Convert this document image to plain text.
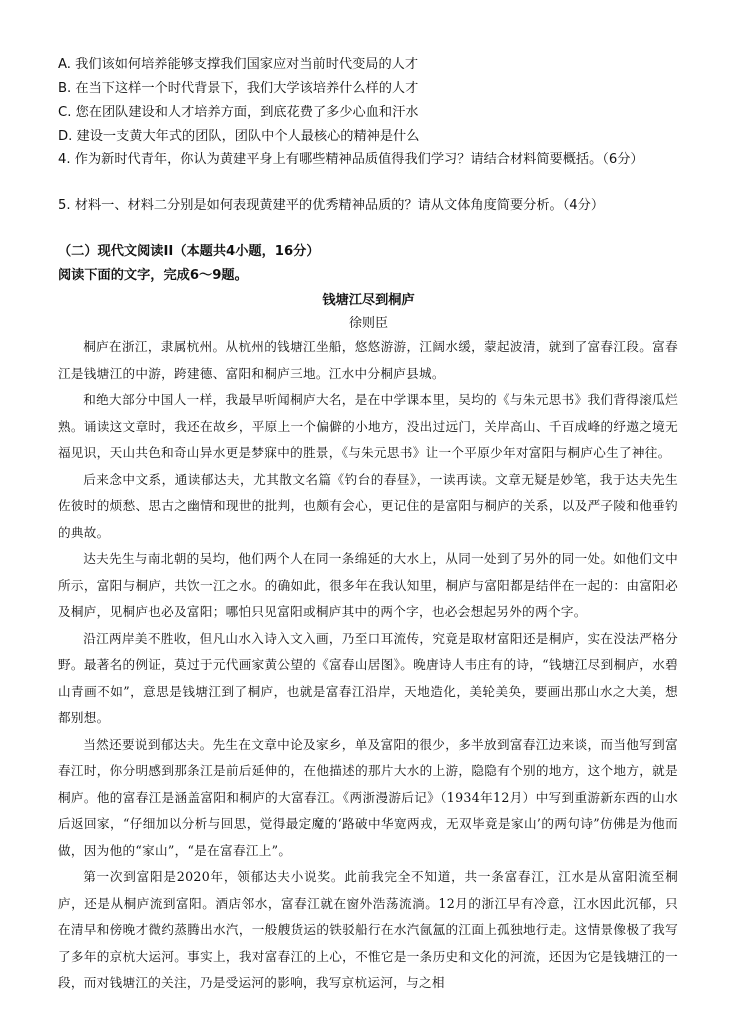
A. 我们该如何培养能够支撑我们国家应对当前时代变局的人才
B. 在当下这样一个时代背景下，我们大学该培养什么样的人才
C. 您在团队建设和人才培养方面，到底花费了多少心血和汗水
D. 建设一支黄大年式的团队，团队中个人最核心的精神是什么
4. 作为新时代青年，你认为黄建平身上有哪些精神品质值得我们学习？请结合材料简要概括。（6分）
5. 材料一、材料二分别是如何表现黄建平的优秀精神品质的？请从文体角度简要分析。（4分）
（二）现代文阅读II（本题共4小题，16分）
阅读下面的文字，完成6～9题。
钱塘江尽到桐庐
徐则臣

桐庐在浙江，隶属杭州。从杭州的钱塘江坐船，悠悠游游，江阔水缓，蒙起波清，就到了富春江段。富春江是钱塘江的中游，跨建德、富阳和桐庐三地。江水中分桐庐县城。

和绝大部分中国人一样，我最早听闻桐庐大名，是在中学课本里，吴均的《与朱元思书》我们背得滚瓜烂熟。诵读这文章时，我还在故乡，平原上一个偏僻的小地方，没出过远门，关岸高山、千百成峰的纾遨之境无福见识，天山共色和奇山异水更是梦寐中的胜景，《与朱元思书》让一个平原少年对富阳与桐庐心生了神往。

后来念中文系，通读郁达夫，尤其散文名篇《钓台的春昼》，一读再读。文章无疑是妙笔，我于达夫先生佐彼时的烦愁、思古之幽情和现世的批判，也颇有会心，更记住的是富阳与桐庐的关系，以及严子陵和他垂钓的典故。

达夫先生与南北朝的吴均，他们两个人在同一条绵延的大水上，从同一处到了另外的同一处。如他们文中所示，富阳与桐庐，共饮一江之水。的确如此，很多年在我认知里，桐庐与富阳都是结伴在一起的：由富阳必及桐庐，见桐庐也必及富阳；哪怕只见富阳或桐庐其中的两个字，也必会想起另外的两个字。

沿江两岸美不胜收，但凡山水入诗入文入画，乃至口耳流传，究竟是取材富阳还是桐庐，实在没法严格分野。最著名的例证，莫过于元代画家黄公望的《富春山居图》。晚唐诗人韦庄有的诗，“钱塘江尽到桐庐，水碧山青画不如”，意思是钱塘江到了桐庐，也就是富春江沿岸，天地造化，美轮美奂，要画出那山水之大美，想都别想。

当然还要说到郁达夫。先生在文章中论及家乡，单及富阳的很少，多半放到富春江边来谈，而当他写到富春江时，你分明感到那条江是前后延伸的，在他描述的那片大水的上游，隐隐有个别的地方，这个地方，就是桐庐。他的富春江是涵盖富阳和桐庐的大富春江。《两浙漫游后记》（1934年12月）中写到重游新东西的山水后返回家，“仔细加以分析与回思，觉得最定魔的‘路破中华宽两戎，无双毕竟是家山’的两句诗”仿佛是为他而做，因为他的“家山”，“是在富春江上”。

第一次到富阳是2020年，领郁达夫小说奖。此前我完全不知道，共一条富春江，江水是从富阳流至桐庐，还是从桐庐流到富阳。酒店邻水，富春江就在窗外浩荡流淌。12月的浙江早有冷意，江水因此沉郁，只在清早和傍晚才微约蒸腾出水汽，一般艘货运的铁驳船行在水汽氤氲的江面上孤独地行走。这情景像极了我写了多年的京杭大运河。事实上，我对富春江的上心，不惟它是一条历史和文化的河流，还因为它是钱塘江的一段，而对钱塘江的关注，乃是受运河的影响，我写京杭运河，与之相
